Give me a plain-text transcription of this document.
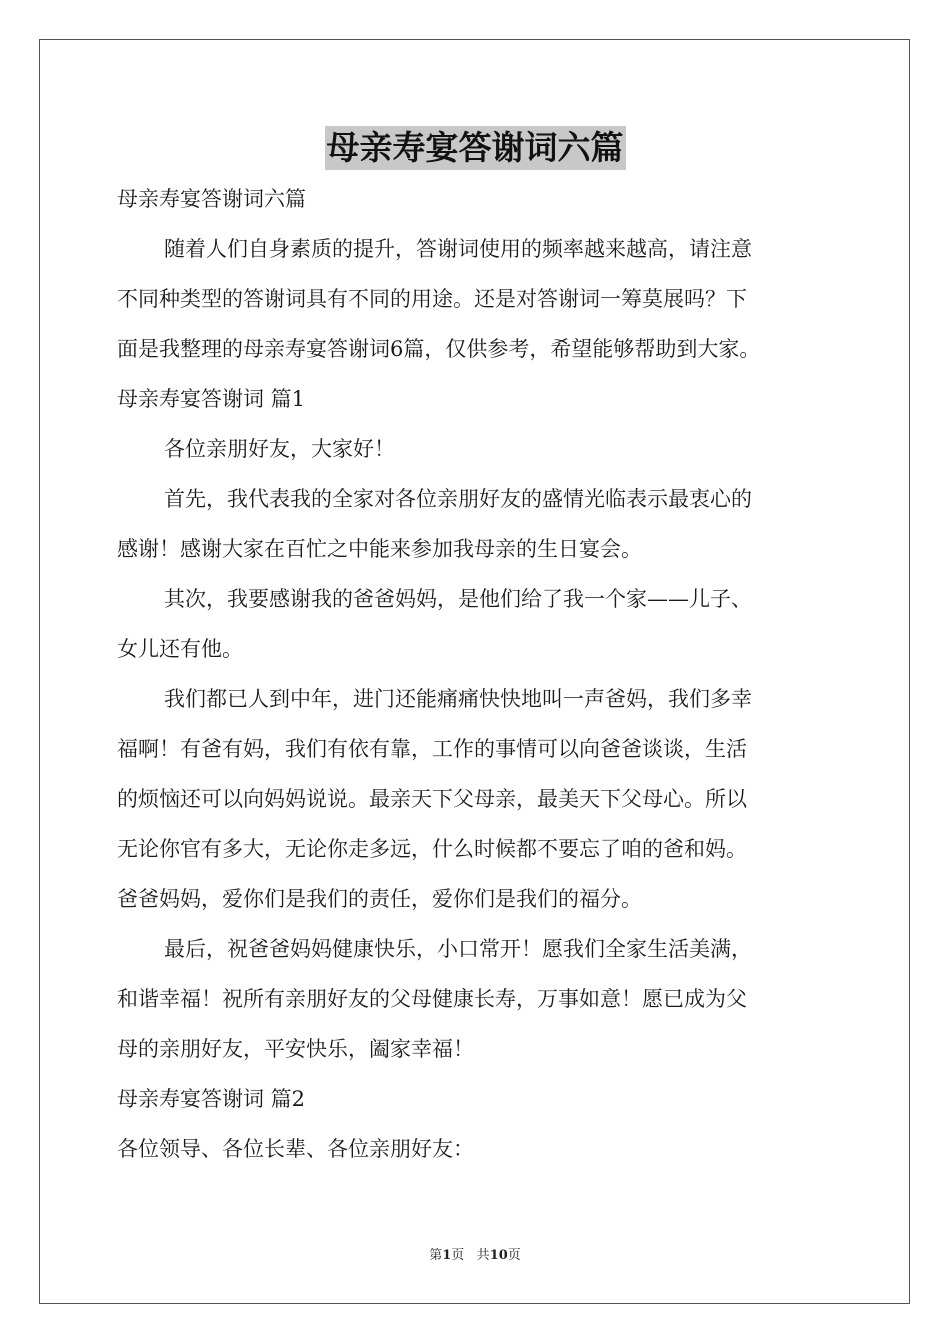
母亲寿宴答谢词六篇
母亲寿宴答谢词六篇
随着人们自身素质的提升，答谢词使用的频率越来越高，请注意
不同种类型的答谢词具有不同的用途。还是对答谢词一筹莫展吗？下
面是我整理的母亲寿宴答谢词6篇，仅供参考，希望能够帮助到大家。
母亲寿宴答谢词 篇1
各位亲朋好友，大家好！
首先，我代表我的全家对各位亲朋好友的盛情光临表示最衷心的
感谢！感谢大家在百忙之中能来参加我母亲的生日宴会。
其次，我要感谢我的爸爸妈妈，是他们给了我一个家——儿子、
女儿还有他。
我们都已人到中年，进门还能痛痛快快地叫一声爸妈，我们多幸
福啊！有爸有妈，我们有依有靠，工作的事情可以向爸爸谈谈，生活
的烦恼还可以向妈妈说说。最亲天下父母亲，最美天下父母心。所以
无论你官有多大，无论你走多远，什么时候都不要忘了咱的爸和妈。
爸爸妈妈，爱你们是我们的责任，爱你们是我们的福分。
最后，祝爸爸妈妈健康快乐，小口常开！愿我们全家生活美满，
和谐幸福！祝所有亲朋好友的父母健康长寿，万事如意！愿已成为父
母的亲朋好友，平安快乐，阖家幸福！
母亲寿宴答谢词 篇2
各位领导、各位长辈、各位亲朋好友：
第1页 共10页
